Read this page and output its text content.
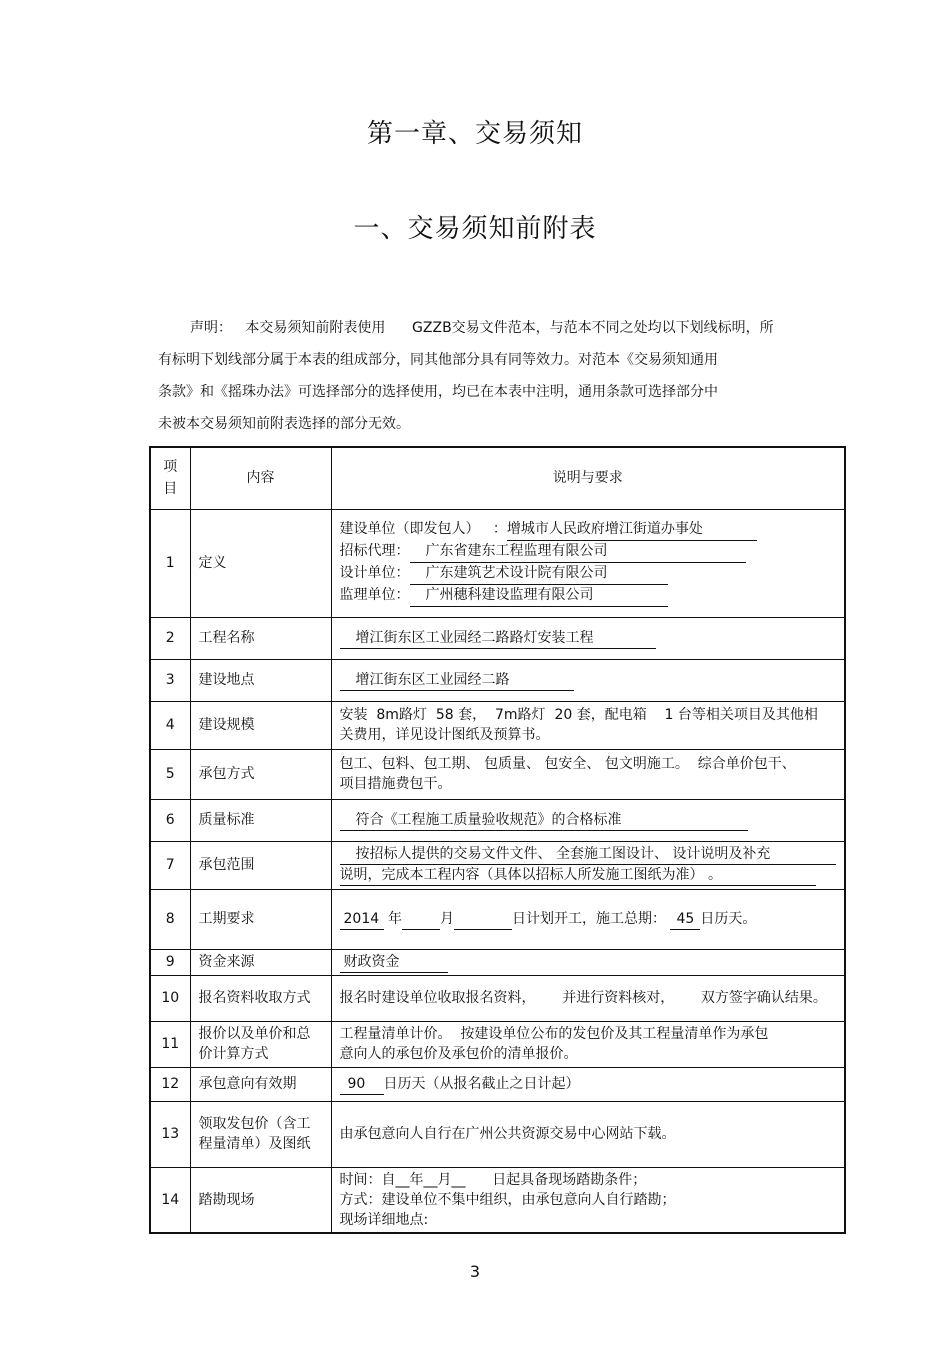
第一章、交易须知
一、交易须知前附表
声明：   本交易须知前附表使用      GZZB交易文件范本，与范本不同之处均以下划线标明，所
有标明下划线部分属于本表的组成部分，同其他部分具有同等效力。对范本《交易须知通用
条款》和《摇珠办法》可选择部分的选择使用，均已在本表中注明，通用条款可选择部分中
未被本交易须知前附表选择的部分无效。
项
目	内容	说明与要求
1	定义	建设单位（即发包人）   ：增城市人民政府增江街道办事处
招标代理： 广东省建东工程监理有限公司
设计单位： 广东建筑艺术设计院有限公司
监理单位： 广州穗科建设监理有限公司

2	工程名称	增江街东区工业园经二路路灯安装工程
3	建设地点	增江街东区工业园经二路
4	建设规模	安装  8m路灯  58 套，  7m路灯  20 套，配电箱    1 台等相关项目及其他相
关费用，详见设计图纸及预算书。

5	承包方式	包工、包料、包工期、 包质量、 包安全、 包文明施工。  综合单价包干、
项目措施费包干。

6	质量标准	符合《工程施工质量验收规范》的合格标准
7	承包范围	按招标人提供的交易文件文件、 全套施工图设计、 设计说明及补充
说明，完成本工程内容（具体以招标人所发施工图纸为准） 。

8	工期要求	2014 年 月 日计划开工，施工总期： 45 日历天。
9	资金来源	财政资金
10	报名资料收取方式	报名时建设单位收取报名资料，      并进行资料核对，      双方签字确认结果。
11	报价以及单价和总价计算方式	工程量清单计价。  按建设单位公布的发包价及其工程量清单作为承包
意向人的承包价及承包价的清单报价。

12	承包意向有效期	90 日历天（从报名截止之日计起）
13	领取发包价（含工程量清单）及图纸	由承包意向人自行在广州公共资源交易中心网站下载。
14	踏勘现场	时间：自__年__月__      日起具备现场踏勘条件；
方式：建设单位不集中组织，由承包意向人自行踏勘；
现场详细地点:
3
